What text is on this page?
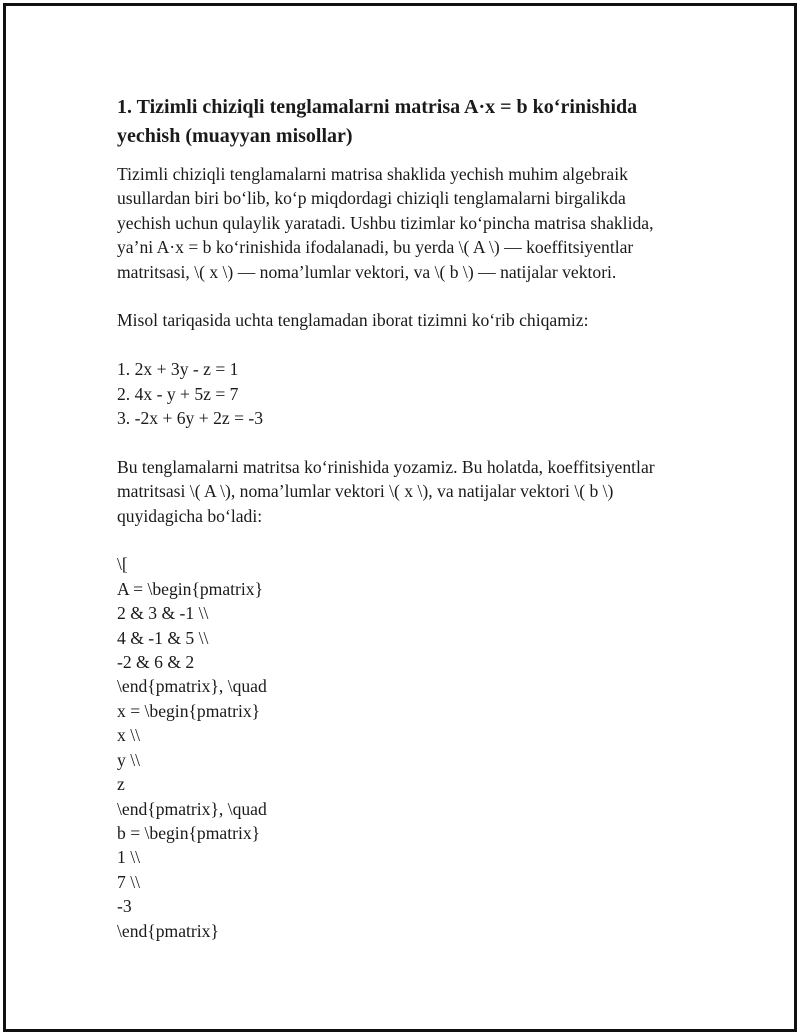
1. Tizimli chiziqli tenglamalarni matrisa A·x = b ko‘rinishida yechish (muayyan misollar)

Tizimli chiziqli tenglamalarni matrisa shaklida yechish muhim algebraik
usullardan biri bo‘lib, ko‘p miqdordagi chiziqli tenglamalarni birgalikda
yechish uchun qulaylik yaratadi. Ushbu tizimlar ko‘pincha matrisa shaklida,
ya’ni A·x = b ko‘rinishida ifodalanadi, bu yerda \( A \) — koeffitsiyentlar
matritsasi, \( x \) — noma’lumlar vektori, va \( b \) — natijalar vektori.

Misol tariqasida uchta tenglamadan iborat tizimni ko‘rib chiqamiz:

1. 2x + 3y - z = 1

2. 4x - y + 5z = 7

3. -2x + 6y + 2z = -3

Bu tenglamalarni matritsa ko‘rinishida yozamiz. Bu holatda, koeffitsiyentlar
matritsasi \( A \), noma’lumlar vektori \( x \), va natijalar vektori \( b \)
quyidagicha bo‘ladi:

\[

A = \begin{pmatrix}

2 & 3 & -1 \\

4 & -1 & 5 \\

-2 & 6 & 2

\end{pmatrix}, \quad

x = \begin{pmatrix}

x \\

y \\

z

\end{pmatrix}, \quad

b = \begin{pmatrix}

1 \\

7 \\

-3

\end{pmatrix}
